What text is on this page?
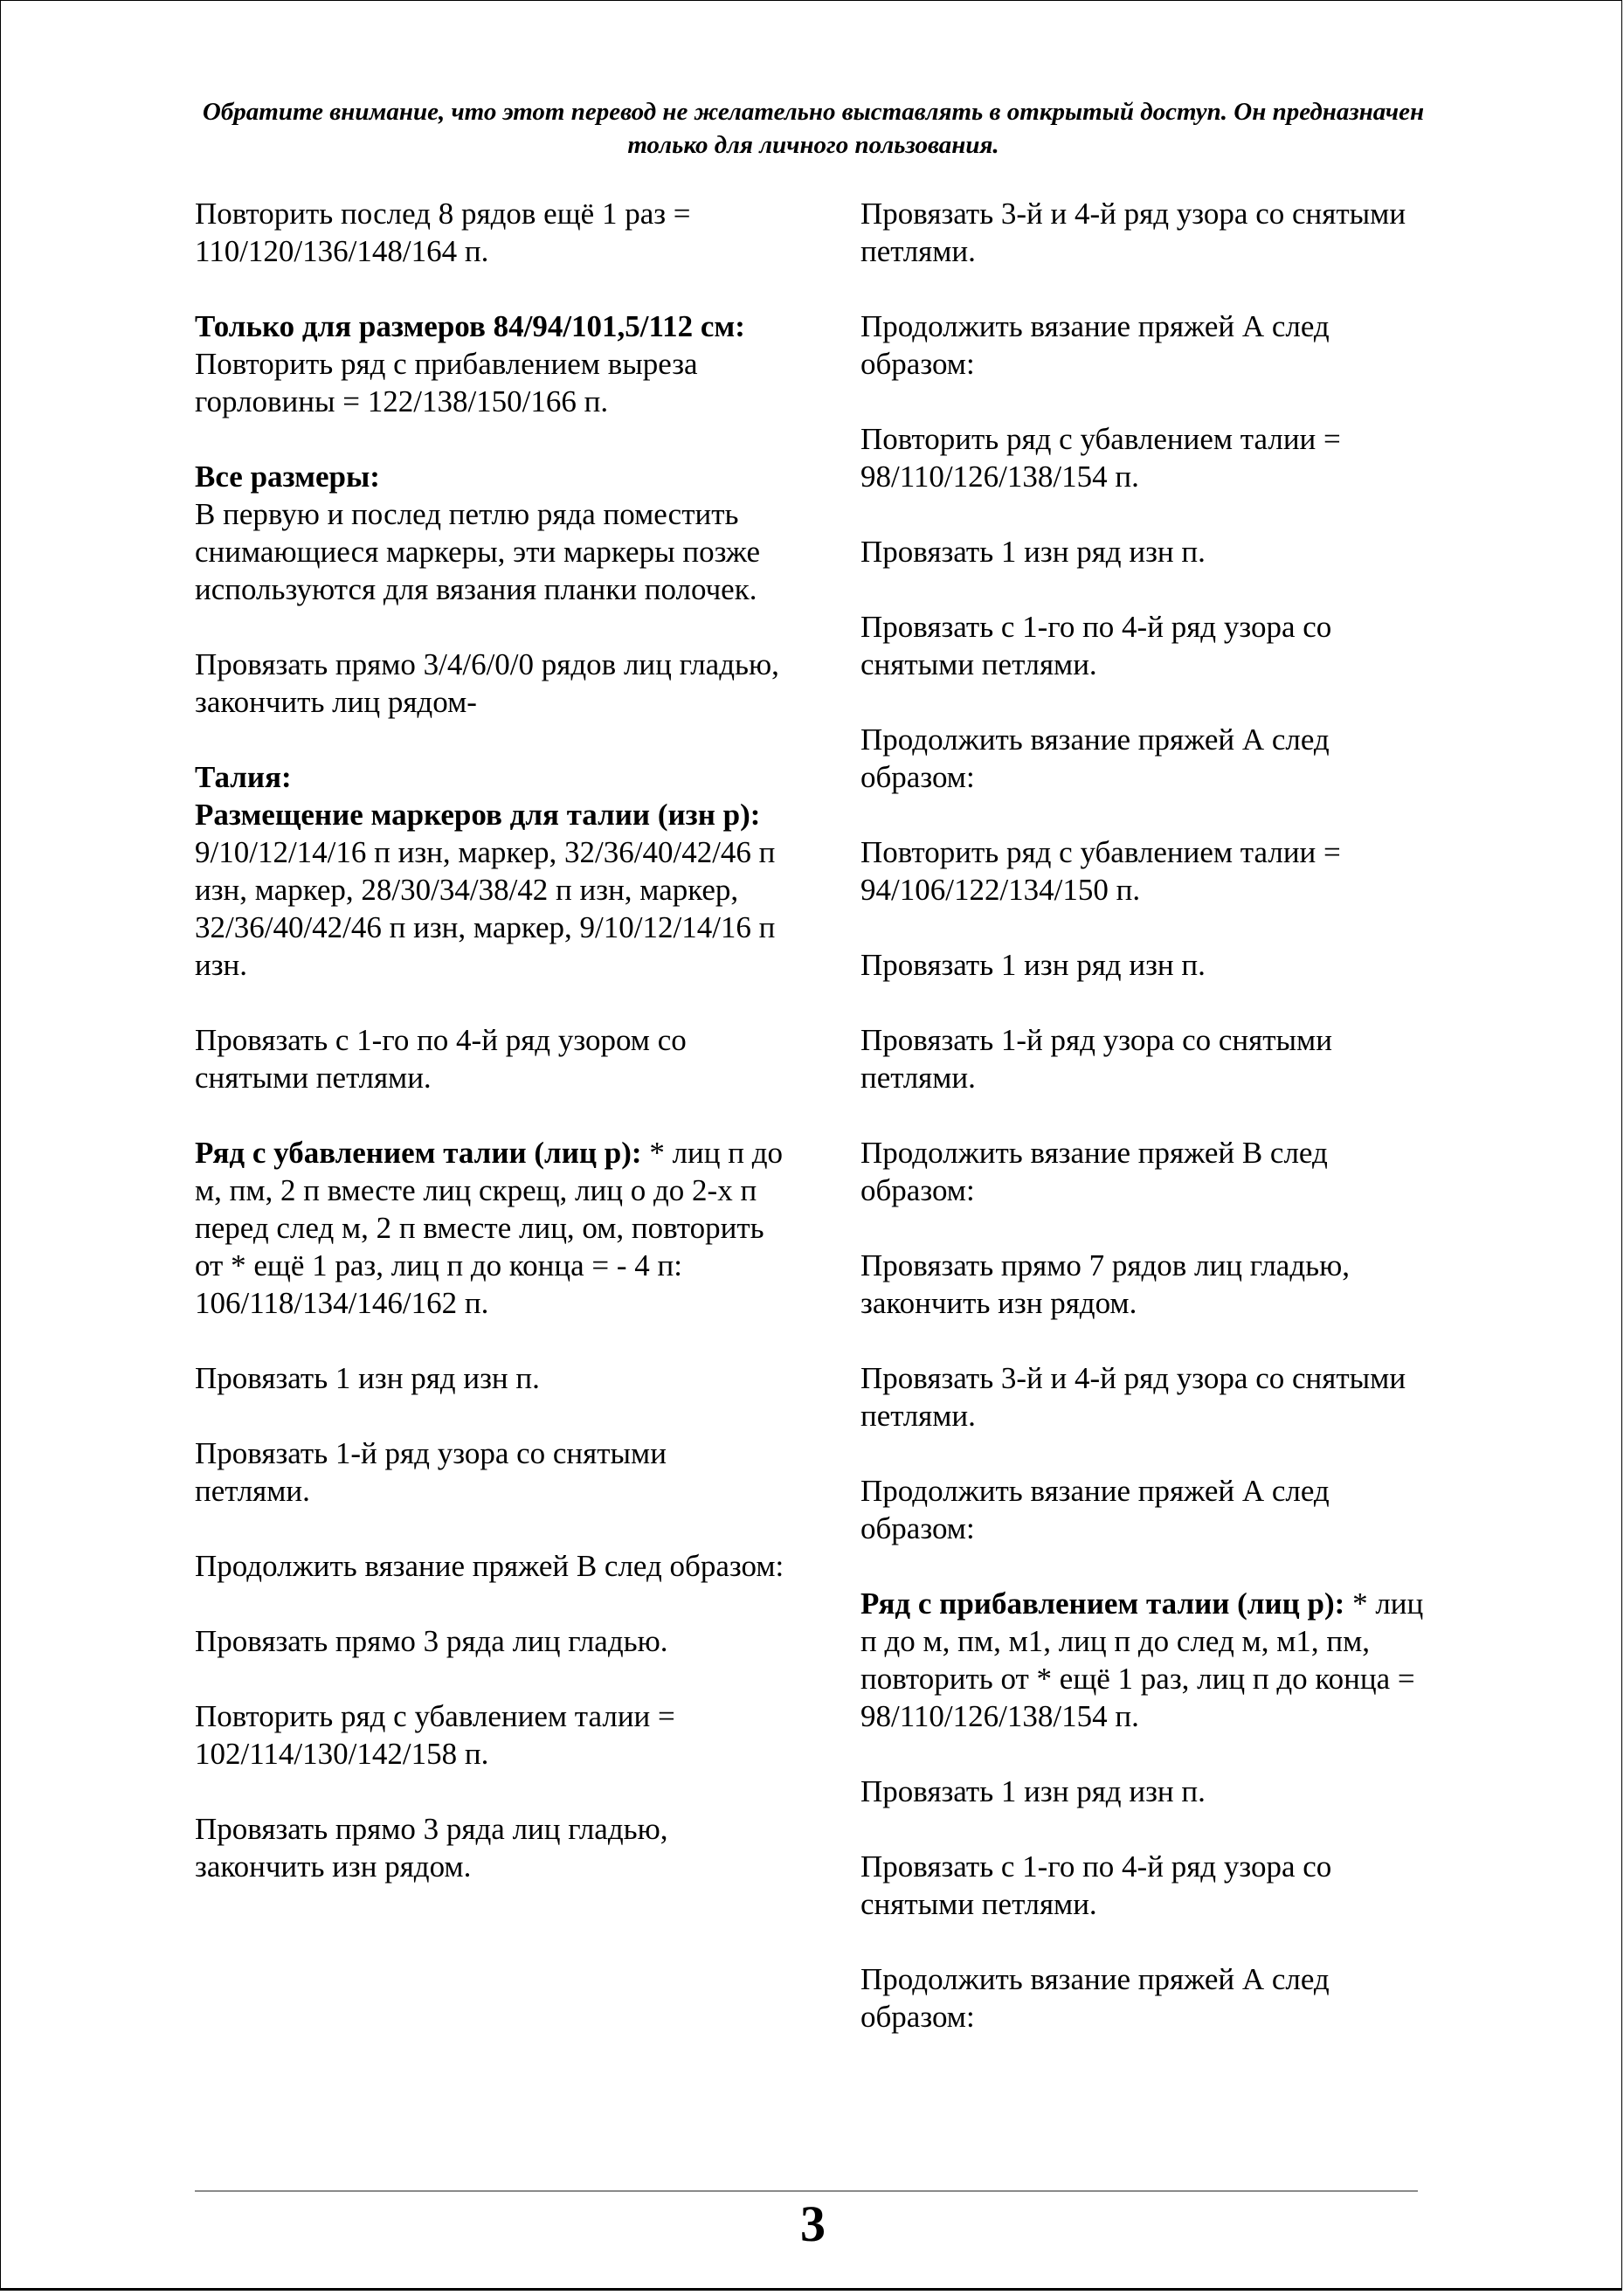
Обратите внимание, что этот перевод не желательно выставлять в открытый доступ. Он предназначен только для личного пользования.
Повторить послед 8 рядов ещё 1 раз = 110/120/136/148/164 п.
Только для размеров 84/94/101,5/112 см:
Повторить ряд с прибавлением выреза горловины = 122/138/150/166 п.
Все размеры:
В первую и послед петлю ряда поместить снимающиеся маркеры, эти маркеры позже используются для вязания планки полочек.
Провязать прямо 3/4/6/0/0 рядов лиц гладью, закончить лиц рядом-
Талия:
Размещение маркеров для талии (изн р): 9/10/12/14/16 п изн, маркер, 32/36/40/42/46 п изн, маркер, 28/30/34/38/42 п изн, маркер, 32/36/40/42/46 п изн, маркер, 9/10/12/14/16 п изн.
Провязать с 1-го по 4-й ряд узором со снятыми петлями.
Ряд с убавлением талии (лиц р): * лиц п до м, пм, 2 п вместе лиц скрещ, лиц о до 2-х п перед след м, 2 п вместе лиц, ом, повторить от * ещё 1 раз, лиц п до конца = - 4 п: 106/118/134/146/162 п.
Провязать 1 изн ряд изн п.
Провязать 1-й ряд узора со снятыми петлями.
Продолжить вязание пряжей В след образом:
Провязать прямо 3 ряда лиц гладью.
Повторить ряд с убавлением талии = 102/114/130/142/158 п.
Провязать прямо 3 ряда лиц гладью, закончить изн рядом.
Провязать 3-й и 4-й ряд узора со снятыми петлями.
Продолжить вязание пряжей А след образом:
Повторить ряд с убавлением талии = 98/110/126/138/154 п.
Провязать 1 изн ряд изн п.
Провязать с 1-го по 4-й ряд узора со снятыми петлями.
Продолжить вязание пряжей А след образом:
Повторить ряд с убавлением талии = 94/106/122/134/150 п.
Провязать 1 изн ряд изн п.
Провязать 1-й ряд узора со снятыми петлями.
Продолжить вязание пряжей В след образом:
Провязать прямо 7 рядов лиц гладью, закончить изн рядом.
Провязать 3-й и 4-й ряд узора со снятыми петлями.
Продолжить вязание пряжей А след образом:
Ряд с прибавлением талии (лиц р): * лиц п до м, пм, м1, лиц п до след м, м1, пм, повторить от * ещё 1 раз, лиц п до конца = 98/110/126/138/154 п.
Провязать 1 изн ряд изн п.
Провязать с 1-го по 4-й ряд узора со снятыми петлями.
Продолжить вязание пряжей А след образом:
3
